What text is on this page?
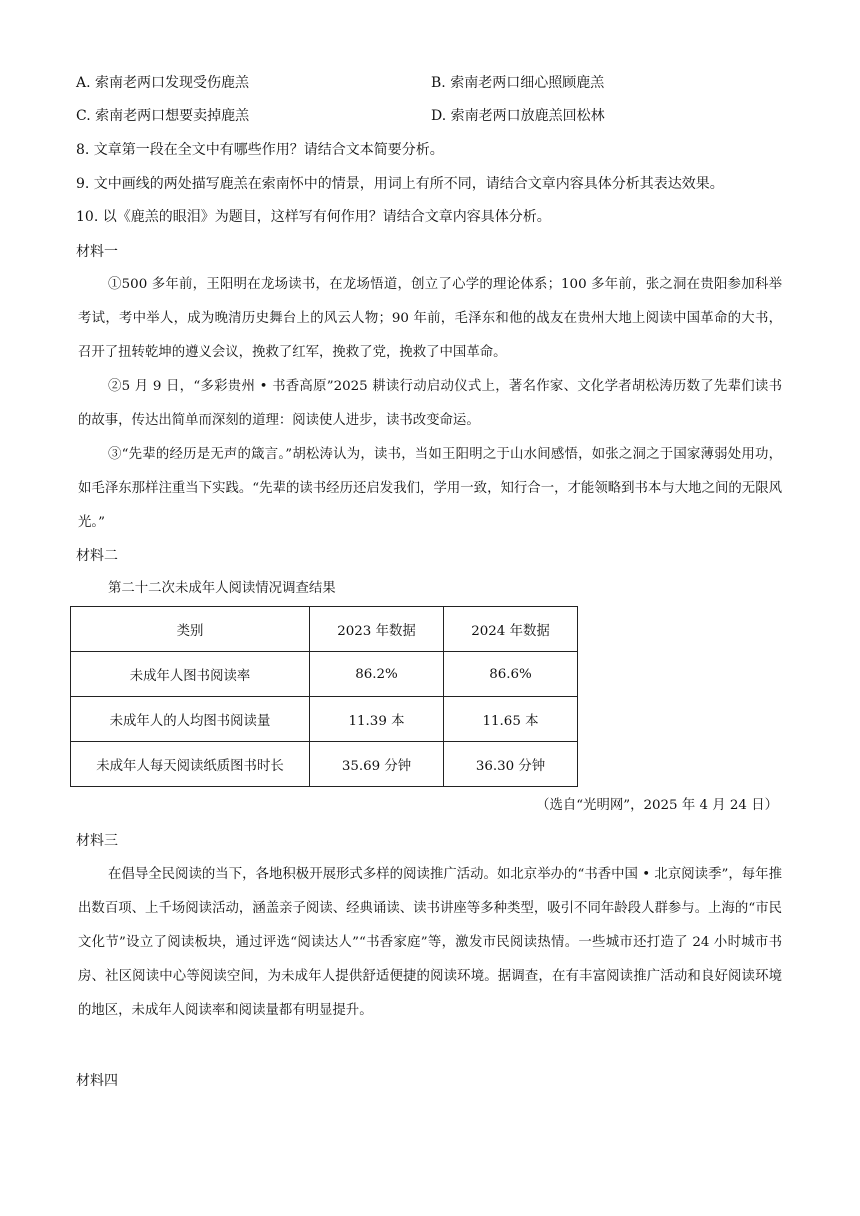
A. 索南老两口发现受伤鹿羔	B. 索南老两口细心照顾鹿羔
C. 索南老两口想要卖掉鹿羔	D. 索南老两口放鹿羔回松林
8. 文章第一段在全文中有哪些作用？请结合文本简要分析。
9. 文中画线的两处描写鹿羔在索南怀中的情景，用词上有所不同，请结合文章内容具体分析其表达效果。
10. 以《鹿羔的眼泪》为题目，这样写有何作用？请结合文章内容具体分析。
材料一

①500 多年前，王阳明在龙场读书，在龙场悟道，创立了心学的理论体系；100 多年前，张之洞在贵阳参加科举考试，考中举人，成为晚清历史舞台上的风云人物；90 年前，毛泽东和他的战友在贵州大地上阅读中国革命的大书，召开了扭转乾坤的遵义会议，挽救了红军，挽救了党，挽救了中国革命。

②5 月 9 日，“多彩贵州 • 书香高原”2025 耕读行动启动仪式上，著名作家、文化学者胡松涛历数了先辈们读书的故事，传达出简单而深刻的道理：阅读使人进步，读书改变命运。

③“先辈的经历是无声的箴言。”胡松涛认为，读书，当如王阳明之于山水间感悟，如张之洞之于国家薄弱处用功，如毛泽东那样注重当下实践。“先辈的读书经历还启发我们，学用一致，知行合一，才能领略到书本与大地之间的无限风光。”

材料二
第二十二次未成年人阅读情况调查结果
类别	2023 年数据	2024 年数据
未成年人图书阅读率	86.2%	86.6%
未成年人的人均图书阅读量	11.39 本	11.65 本
未成年人每天阅读纸质图书时长	35.69 分钟	36.30 分钟
（选自“光明网”，2025 年 4 月 24 日）
材料三

在倡导全民阅读的当下，各地积极开展形式多样的阅读推广活动。如北京举办的“书香中国 • 北京阅读季”，每年推出数百项、上千场阅读活动，涵盖亲子阅读、经典诵读、读书讲座等多种类型，吸引不同年龄段人群参与。上海的“市民文化节”设立了阅读板块，通过评选“阅读达人”“书香家庭”等，激发市民阅读热情。一些城市还打造了 24 小时城市书房、社区阅读中心等阅读空间，为未成年人提供舒适便捷的阅读环境。据调查，在有丰富阅读推广活动和良好阅读环境的地区，未成年人阅读率和阅读量都有明显提升。

材料四
